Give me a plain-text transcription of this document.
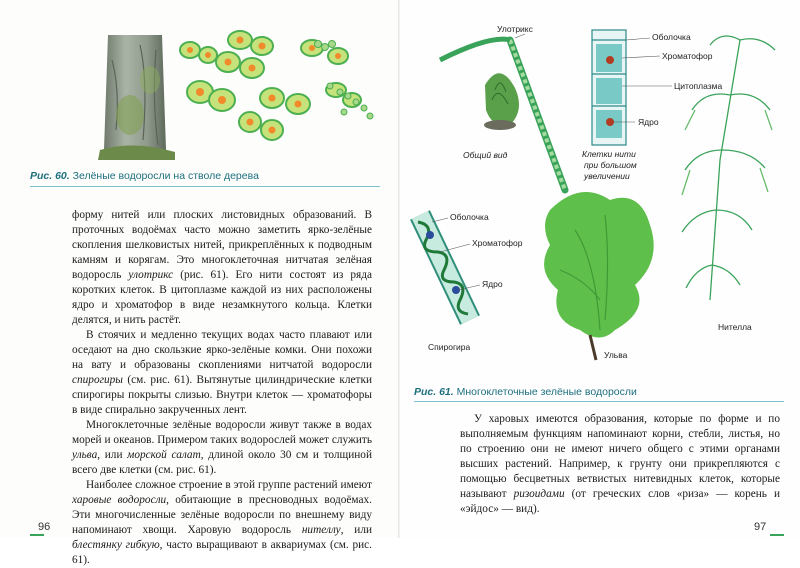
Рис. 60. Зелёные водоросли на стволе дерева

форму нитей или плоских листовидных образований. В проточных водоёмах часто можно заметить ярко-зелёные скопления шелковистых нитей, прикреплённых к подводным камням и корягам. Это многоклеточная нитчатая зелёная водоросль улотрикс (рис. 61). Его нити состоят из ряда коротких клеток. В цитоплазме каждой из них расположены ядро и хроматофор в виде незамкнутого кольца. Клетки делятся, и нить растёт.

В стоячих и медленно текущих водах часто плавают или оседают на дно скользкие ярко-зелёные комки. Они похожи на вату и образованы скоплениями нитчатой водоросли спирогиры (см. рис. 61). Вытянутые цилиндрические клетки спирогиры покрыты слизью. Внутри клеток — хроматофоры в виде спирально закрученных лент.

Многоклеточные зелёные водоросли живут также в водах морей и океанов. Примером таких водорослей может служить ульва, или морской салат, длиной около 30 см и толщиной всего две клетки (см. рис. 61).

Наиболее сложное строение в этой группе растений имеют харовые водоросли, обитающие в пресноводных водоёмах. Эти многочисленные зелёные водоросли по внешнему виду напоминают хвощи. Харовую водоросль нителлу, или блестянку гибкую, часто выращивают в аквариумах (см. рис. 61).

96
Улотрикс
Общий вид	Клетки нити
при большом
увеличении
Оболочка
Хроматофор
Цитоплазма
Ядро
Оболочка
Хроматофор
Ядро
Спирогира
Ульва
Нителла
Рис. 61. Многоклеточные зелёные водоросли

У харовых имеются образования, которые по форме и по выполняемым функциям напоминают корни, стебли, листья, но по строению они не имеют ничего общего с этими органами высших растений. Например, к грунту они прикрепляются с помощью бесцветных ветвистых нитевидных клеток, которые называют ризоидами (от греческих слов «риза» — корень и «эйдос» — вид).

97
